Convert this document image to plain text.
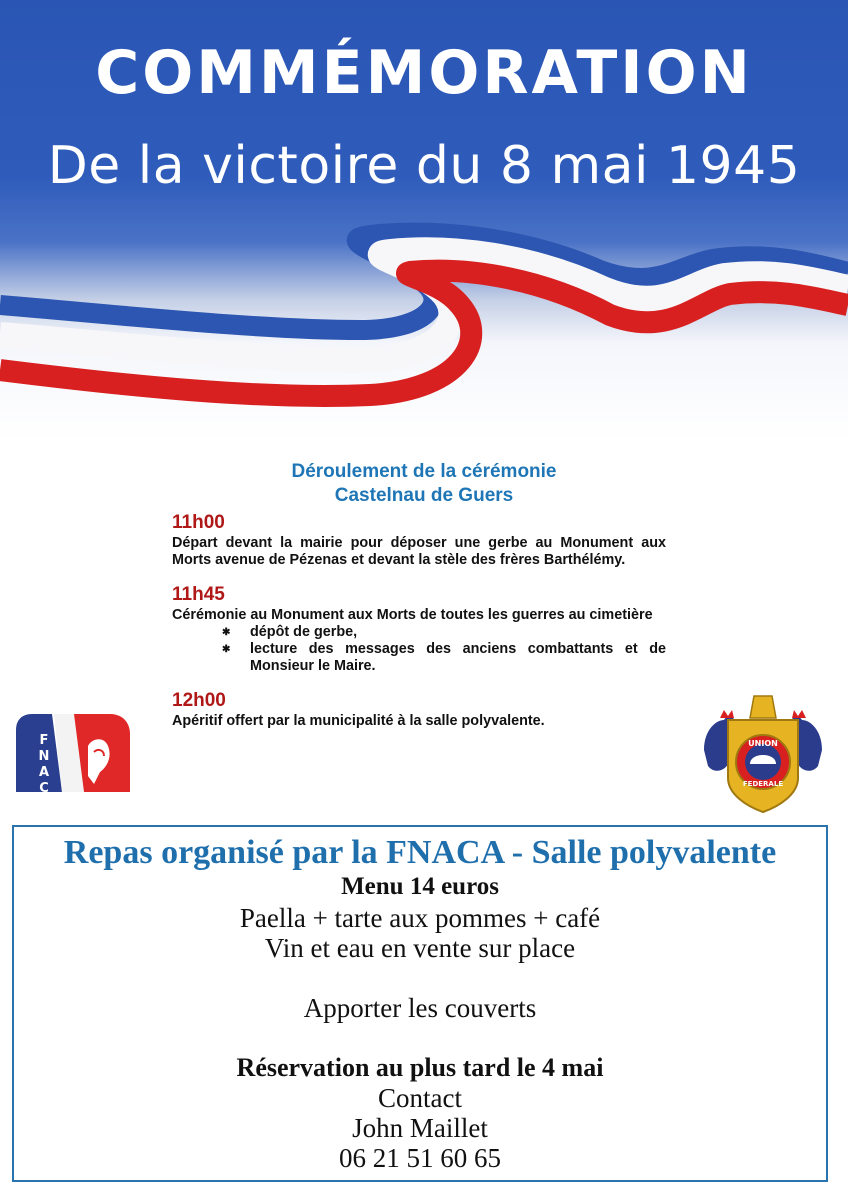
COMMÉMORATION
De la victoire du 8 mai 1945
Déroulement de la cérémonie
Castelnau de Guers

11h00

Départ devant la mairie pour déposer une gerbe au Monument aux Morts avenue de Pézenas et devant la stèle des frères Barthélémy.

11h45

Cérémonie au Monument aux Morts de toutes les guerres au cimetière

✱ dépôt de gerbe,
✱ lecture des messages des anciens combattants et de Monsieur le Maire.

12h00

Apéritif offert par la municipalité à la salle polyvalente.

F
N
A
C
UNION
FEDERALE
Repas organisé par la FNACA - Salle polyvalente
Menu 14 euros
Paella + tarte aux pommes + café
Vin et eau en vente sur place
Apporter les couverts
Réservation au plus tard le 4 mai
Contact
John Maillet
06 21 51 60 65
